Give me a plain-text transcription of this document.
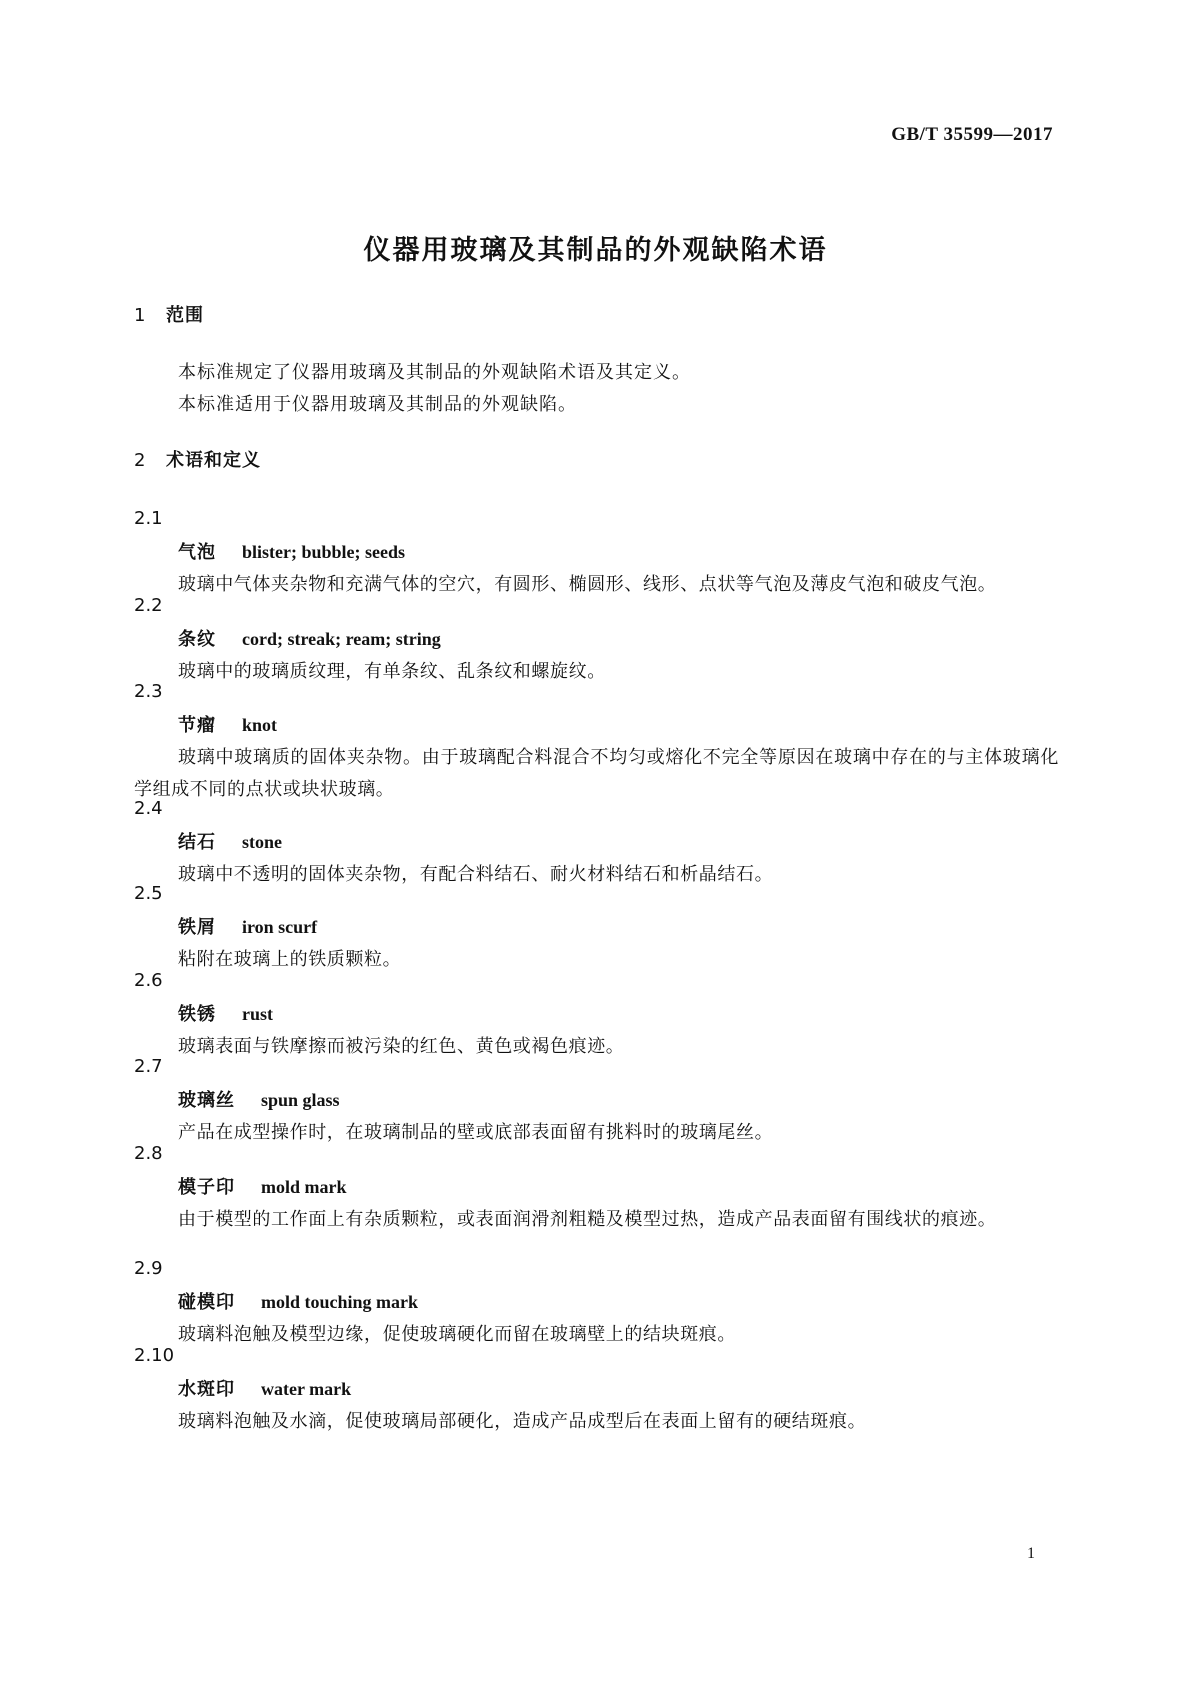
GB/T 35599—2017
仪器用玻璃及其制品的外观缺陷术语
1 范围
本标准规定了仪器用玻璃及其制品的外观缺陷术语及其定义。
本标准适用于仪器用玻璃及其制品的外观缺陷。
2 术语和定义
2.1
气泡 blister; bubble; seeds

玻璃中气体夹杂物和充满气体的空穴，有圆形、椭圆形、线形、点状等气泡及薄皮气泡和破皮气泡。

2.2
条纹 cord; streak; ream; string

玻璃中的玻璃质纹理，有单条纹、乱条纹和螺旋纹。

2.3
节瘤 knot

玻璃中玻璃质的固体夹杂物。由于玻璃配合料混合不均匀或熔化不完全等原因在玻璃中存在的与主体玻璃化学组成不同的点状或块状玻璃。

2.4
结石 stone

玻璃中不透明的固体夹杂物，有配合料结石、耐火材料结石和析晶结石。

2.5
铁屑 iron scurf

粘附在玻璃上的铁质颗粒。

2.6
铁锈 rust

玻璃表面与铁摩擦而被污染的红色、黄色或褐色痕迹。

2.7
玻璃丝 spun glass

产品在成型操作时，在玻璃制品的壁或底部表面留有挑料时的玻璃尾丝。

2.8
模子印 mold mark

由于模型的工作面上有杂质颗粒，或表面润滑剂粗糙及模型过热，造成产品表面留有围线状的痕迹。

2.9
碰模印 mold touching mark

玻璃料泡触及模型边缘，促使玻璃硬化而留在玻璃壁上的结块斑痕。

2.10
水斑印 water mark

玻璃料泡触及水滴，促使玻璃局部硬化，造成产品成型后在表面上留有的硬结斑痕。

1
